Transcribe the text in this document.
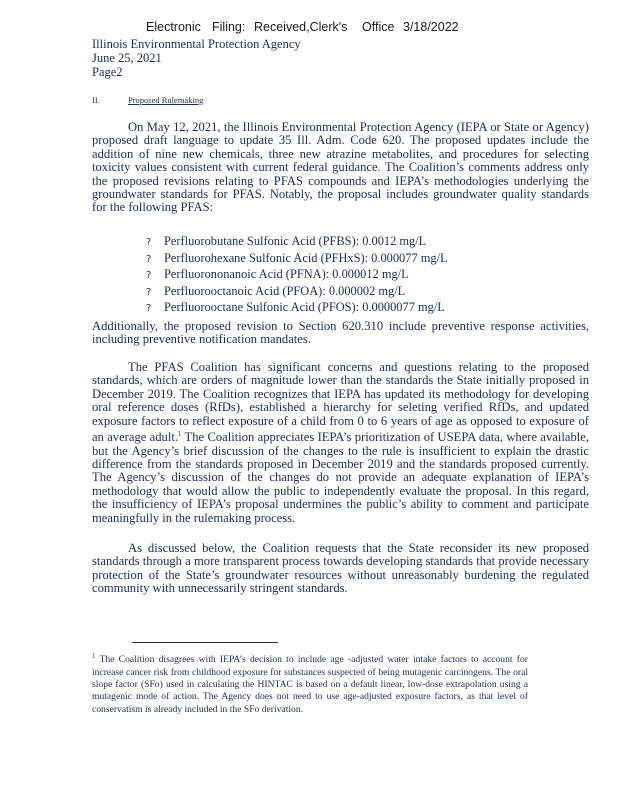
Electronic Filing: Received,Clerk's Office 3/18/2022
Illinois Environmental Protection Agency
June 25, 2021
Page2
II.	Proposed Rulemaking
On May 12, 2021, the Illinois Environmental Protection Agency (IEPA or State or Agency) proposed draft language to update 35 Ill. Adm. Code 620. The proposed updates include the addition of nine new chemicals, three new atrazine metabolites, and procedures for selecting toxicity values consistent with current federal guidance. The Coalition’s comments address only the proposed revisions relating to PFAS compounds and IEPA’s methodologies underlying the groundwater standards for PFAS. Notably, the proposal includes groundwater quality standards for the following PFAS:
? Perfluorobutane Sulfonic Acid (PFBS): 0.0012 mg/L
? Perfluorohexane Sulfonic Acid (PFHxS): 0.000077 mg/L
? Perfluorononanoic Acid (PFNA): 0.000012 mg/L
? Perfluorooctanoic Acid (PFOA): 0.000002 mg/L
? Perfluorooctane Sulfonic Acid (PFOS): 0.0000077 mg/L
Additionally, the proposed revision to Section 620.310 include preventive response activities, including preventive notification mandates.
The PFAS Coalition has significant concerns and questions relating to the proposed standards, which are orders of magnitude lower than the standards the State initially proposed in December 2019. The Coalition recognizes that IEPA has updated its methodology for developing oral reference doses (RfDs), established a hierarchy for seleting verified RfDs, and updated exposure factors to reflect exposure of a child from 0 to 6 years of age as opposed to exposure of an average adult.$^1$ The Coalition appreciates IEPA’s prioritization of USEPA data, where available, but the Agency’s brief discussion of the changes to the rule is insufficient to explain the drastic difference from the standards proposed in December 2019 and the standards proposed currently. The Agency’s discussion of the changes do not provide an adequate explanation of IEPA’s methodology that would allow the public to independently evaluate the proposal. In this regard, the insufficiency of IEPA’s proposal undermines the public’s ability to comment and participate meaningfully in the rulemaking process.
As discussed below, the Coalition requests that the State reconsider its new proposed standards through a more transparent process towards developing standards that provide necessary protection of the State’s groundwater resources without unreasonably burdening the regulated community with unnecessarily stringent standards.
$^1$ The Coalition disagrees with IEPA’s decision to include age -adjusted water intake factors to account for increase cancer risk from childhood exposure for substances suspected of being mutagenic carcinogens. The oral slope factor (SFo) used in calculating the HINTAC is based on a default linear, low-dose extrapolation using a mutagenic mode of action. The Agency does not need to use age-adjusted exposure factors, as that level of conservatism is already included in the SFo derivation.
